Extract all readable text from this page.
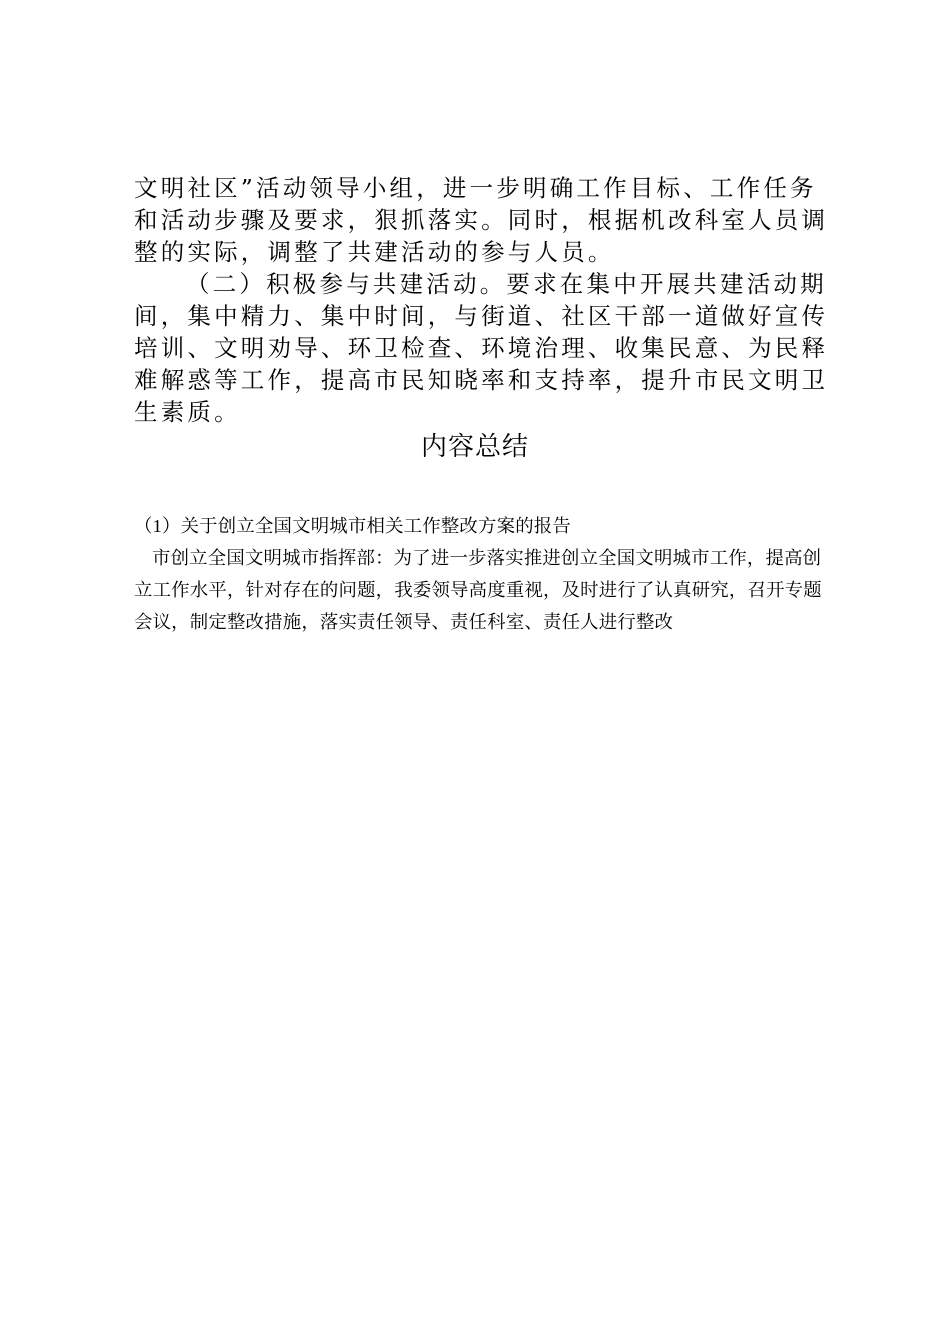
文明社区”活动领导小组，进一步明确工作目标、工作任务和活动步骤及要求，狠抓落实。同时，根据机改科室人员调整的实际，调整了共建活动的参与人员。

（二）积极参与共建活动。要求在集中开展共建活动期间，集中精力、集中时间，与街道、社区干部一道做好宣传培训、文明劝导、环卫检查、环境治理、收集民意、为民释难解惑等工作，提高市民知晓率和支持率，提升市民文明卫生素质。

内容总结

（1）关于创立全国文明城市相关工作整改方案的报告

市创立全国文明城市指挥部：为了进一步落实推进创立全国文明城市工作，提高创立工作水平，针对存在的问题，我委领导高度重视，及时进行了认真研究，召开专题会议，制定整改措施，落实责任领导、责任科室、责任人进行整改
